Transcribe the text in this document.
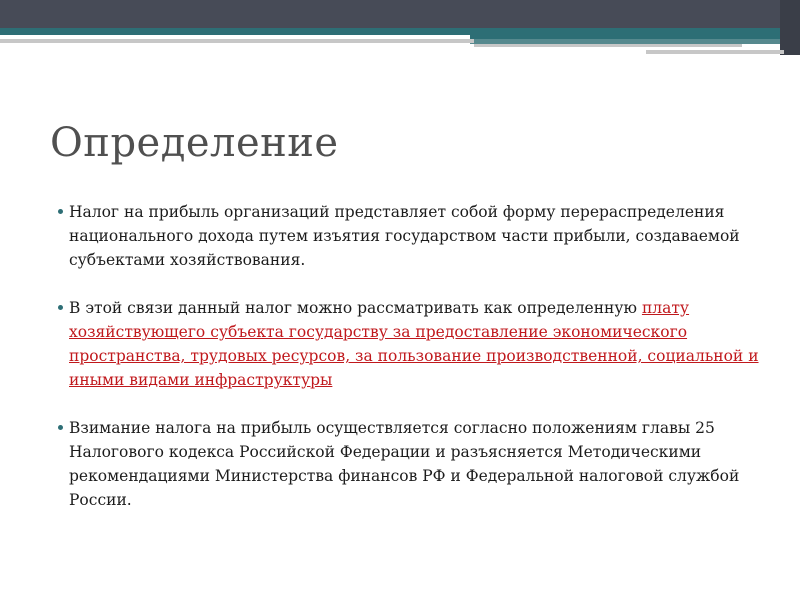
Определение

Налог на прибыль организаций представляет собой форму перераспределения национального дохода путем изъятия государством части прибыли, создаваемой субъектами хозяйствования.

В этой связи данный налог можно рассматривать как определенную плату хозяйствующего субъекта государству за предоставление экономического пространства, трудовых ресурсов, за пользование производственной, социальной и иными видами инфраструктуры

Взимание налога на прибыль осуществляется согласно положениям главы 25 Налогового кодекса Российской Федерации и разъясняется Методическими рекомендациями Министерства финансов РФ и Федеральной налоговой службой России.
